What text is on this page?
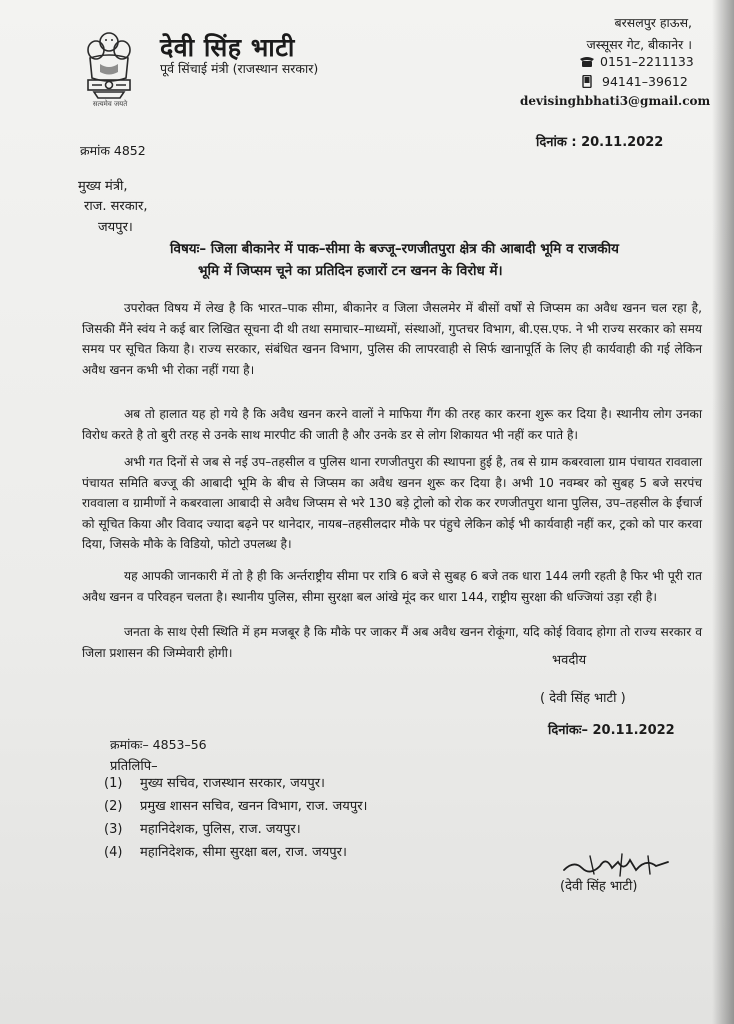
सत्यमेव जयते
देवी सिंह भाटी
पूर्व सिंचाई मंत्री (राजस्थान सरकार)
बरसलपुर हाऊस,
जस्सूसर गेट, बीकानेर ।
0151–2211133
94141–39612
devisinghbhati3@gmail.com
क्रमांक 4852
दिनांक : 20.11.2022
मुख्य मंत्री,
राज. सरकार,
जयपुर।
विषयः– जिला बीकानेर में पाक–सीमा के बज्जू–रणजीतपुरा क्षेत्र की आबादी भूमि व राजकीय
भूमि में जिप्सम चूने का प्रतिदिन हजारों टन खनन के विरोध में।
उपरोक्त विषय में लेख है कि भारत–पाक सीमा, बीकानेर व जिला जैसलमेर में बीसों वर्षों से जिप्सम का अवैध खनन चल रहा है, जिसकी मैंने स्वंय ने कई बार लिखित सूचना दी थी तथा समाचार–माध्यमों, संस्थाओं, गुप्तचर विभाग, बी.एस.एफ. ने भी राज्य सरकार को समय समय पर सूचित किया है। राज्य सरकार, संबंधित खनन विभाग, पुलिस की लापरवाही से सिर्फ खानापूर्ति के लिए ही कार्यवाही की गई लेकिन अवैध खनन कभी भी रोका नहीं गया है।
अब तो हालात यह हो गये है कि अवैध खनन करने वालों ने माफिया गैंग की तरह कार करना शुरू कर दिया है। स्थानीय लोग उनका विरोध करते है तो बुरी तरह से उनके साथ मारपीट की जाती है और उनके डर से लोग शिकायत भी नहीं कर पाते है।
अभी गत दिनों से जब से नई उप–तहसील व पुलिस थाना रणजीतपुरा की स्थापना हुई है, तब से ग्राम कबरवाला ग्राम पंचायत राववाला पंचायत समिति बज्जू की आबादी भूमि के बीच से जिप्सम का अवैध खनन शुरू कर दिया है। अभी 10 नवम्बर को सुबह 5 बजे सरपंच राववाला व ग्रामीणों ने कबरवाला आबादी से अवैध जिप्सम से भरे 130 बड़े ट्रोलो को रोक कर रणजीतपुरा थाना पुलिस, उप–तहसील के ईंचार्ज को सूचित किया और विवाद ज्यादा बढ़ने पर थानेदार, नायब–तहसीलदार मौके पर पंहुचे लेकिन कोई भी कार्यवाही नहीं कर, ट्रको को पार करवा दिया, जिसके मौके के विडियो, फोटो उपलब्ध है।
यह आपकी जानकारी में तो है ही कि अर्न्तराष्ट्रीय सीमा पर रात्रि 6 बजे से सुबह 6 बजे तक धारा 144 लगी रहती है फिर भी पूरी रात अवैध खनन व परिवहन चलता है। स्थानीय पुलिस, सीमा सुरक्षा बल आंखे मूंद कर धारा 144, राष्ट्रीय सुरक्षा की धज्जियां उड़ा रही है।
जनता के साथ ऐसी स्थिति में हम मजबूर है कि मौके पर जाकर मैं अब अवैध खनन रोकूंगा, यदि कोई विवाद होगा तो राज्य सरकार व जिला प्रशासन की जिम्मेवारी होगी।
भवदीय
( देवी सिंह भाटी )
दिनांकः– 20.11.2022
क्रमांकः– 4853–56
प्रतिलिपि–
(1)	मुख्य सचिव, राजस्थान सरकार, जयपुर।
(2)	प्रमुख शासन सचिव, खनन विभाग, राज. जयपुर।
(3)	महानिदेशक, पुलिस, राज. जयपुर।
(4)	महानिदेशक, सीमा सुरक्षा बल, राज. जयपुर।
(देवी सिंह भाटी)
